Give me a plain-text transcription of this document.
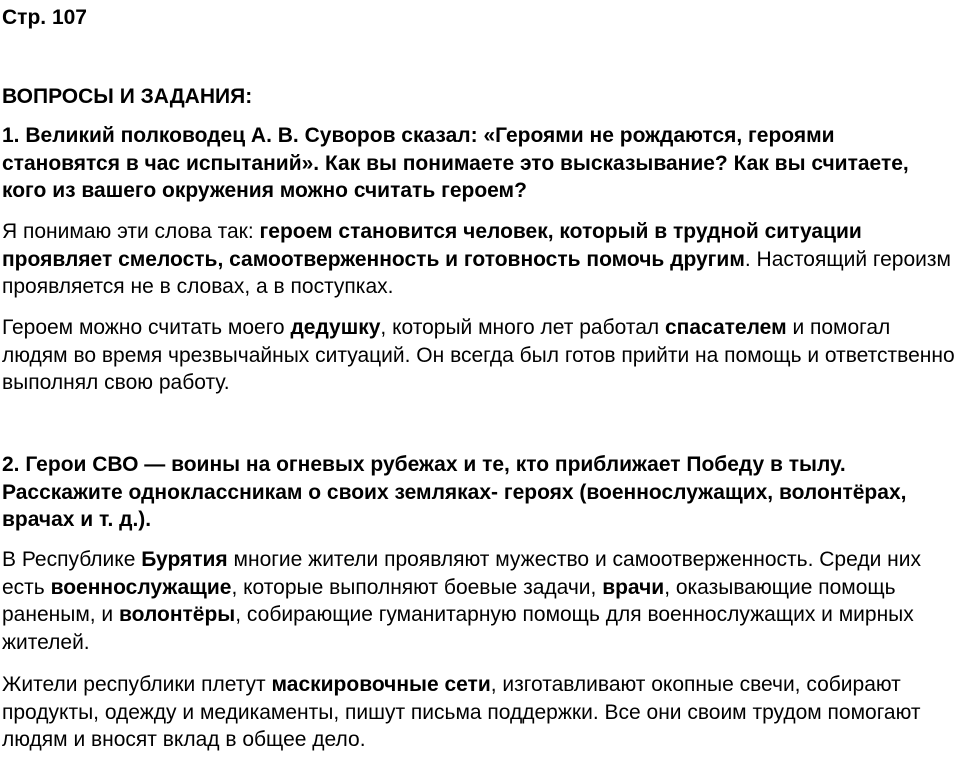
Стр. 107
ВОПРОСЫ И ЗАДАНИЯ:
1. Великий полководец А. В. Суворов сказал: «Героями не рождаются, героями становятся в час испытаний». Как вы понимаете это высказывание? Как вы считаете, кого из вашего окружения можно считать героем?
Я понимаю эти слова так: героем становится человек, который в трудной ситуации проявляет смелость, самоотверженность и готовность помочь другим. Настоящий героизм проявляется не в словах, а в поступках.
Героем можно считать моего дедушку, который много лет работал спасателем и помогал людям во время чрезвычайных ситуаций. Он всегда был готов прийти на помощь и ответственно выполнял свою работу.
2. Герои СВО — воины на огневых рубежах и те, кто приближает Победу в тылу. Расскажите одноклассникам о своих земляках- героях (военнослужащих, волонтёрах, врачах и т. д.).
В Республике Бурятия многие жители проявляют мужество и самоотверженность. Среди них есть военнослужащие, которые выполняют боевые задачи, врачи, оказывающие помощь раненым, и волонтёры, собирающие гуманитарную помощь для военнослужащих и мирных жителей.
Жители республики плетут маскировочные сети, изготавливают окопные свечи, собирают продукты, одежду и медикаменты, пишут письма поддержки. Все они своим трудом помогают людям и вносят вклад в общее дело.
